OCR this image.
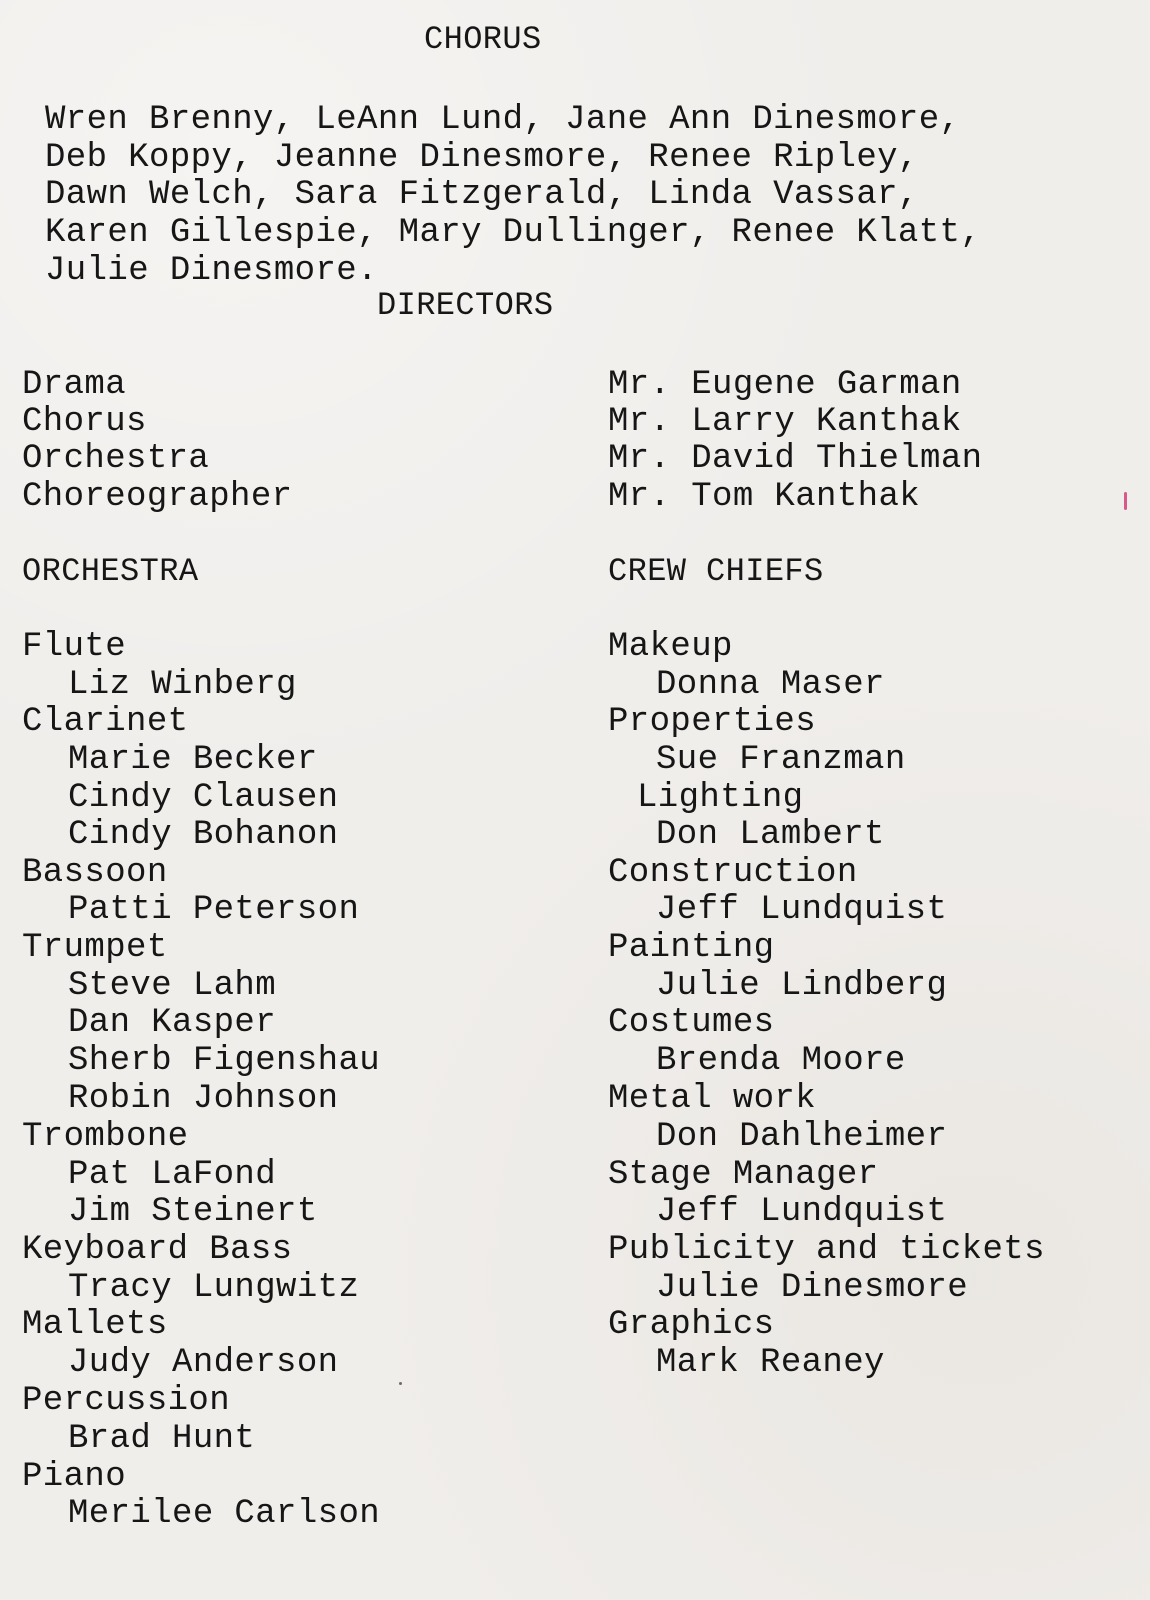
CHORUS
Wren Brenny, LeAnn Lund, Jane Ann Dinesmore,
Deb Koppy, Jeanne Dinesmore, Renee Ripley,
Dawn Welch, Sara Fitzgerald, Linda Vassar,
Karen Gillespie, Mary Dullinger, Renee Klatt,
Julie Dinesmore.
DIRECTORS
Drama	Mr. Eugene Garman
Chorus	Mr. Larry Kanthak
Orchestra	Mr. David Thielman
Choreographer	Mr. Tom Kanthak
ORCHESTRA	CREW CHIEFS
Flute
Liz Winberg
Clarinet
Marie Becker
Cindy Clausen
Cindy Bohanon
Bassoon
Patti Peterson
Trumpet
Steve Lahm
Dan Kasper
Sherb Figenshau
Robin Johnson
Trombone
Pat LaFond
Jim Steinert
Keyboard Bass
Tracy Lungwitz
Mallets
Judy Anderson
Percussion
Brad Hunt
Piano
Merilee Carlson
Makeup
Donna Maser
Properties
Sue Franzman
Lighting
Don Lambert
Construction
Jeff Lundquist
Painting
Julie Lindberg
Costumes
Brenda Moore
Metal work
Don Dahlheimer
Stage Manager
Jeff Lundquist
Publicity and tickets
Julie Dinesmore
Graphics
Mark Reaney
